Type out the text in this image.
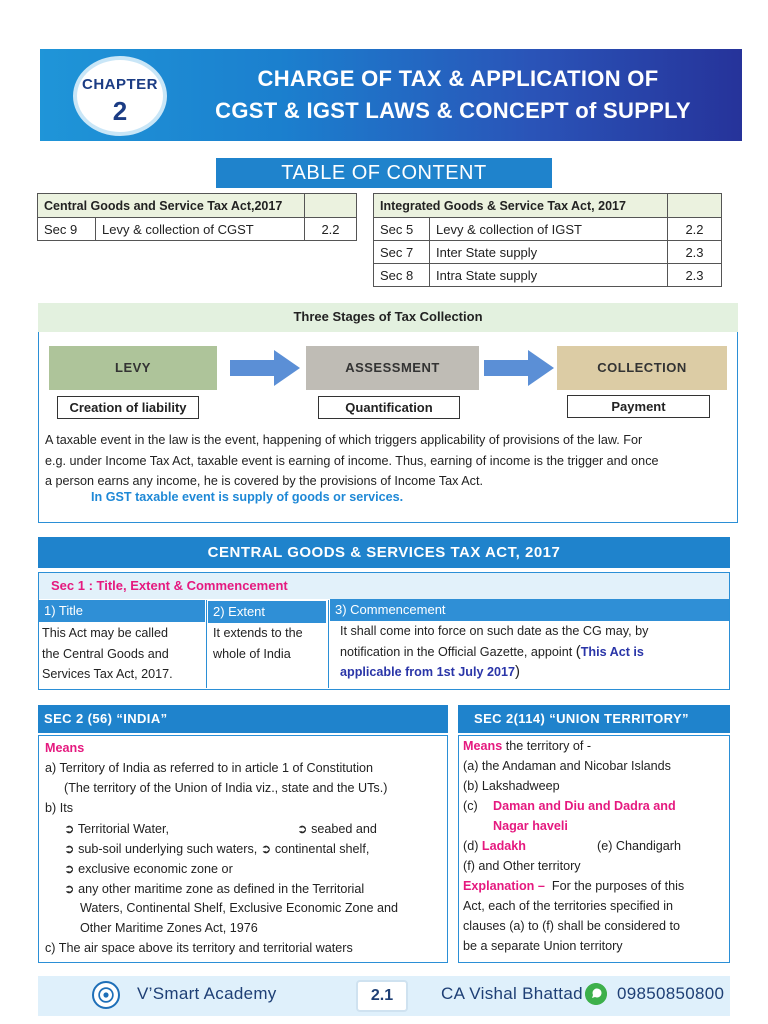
CHAPTER
2
CHARGE OF TAX & APPLICATION OF
CGST & IGST LAWS & CONCEPT of SUPPLY
TABLE OF CONTENT
Central Goods and Service Tax Act,2017		
Sec 9	Levy & collection of CGST	2.2
Integrated Goods & Service Tax Act, 2017		
Sec 5	Levy & collection of IGST	2.2
Sec 7	Inter State supply	2.3
Sec 8	Intra State supply	2.3
Three Stages of Tax Collection
LEVY	ASSESSMENT	COLLECTION
Creation of liability	Quantification	Payment
A taxable event in the law is the event, happening of which triggers applicability of provisions of the law. For
e.g. under Income Tax Act, taxable event is earning of income. Thus, earning of income is the trigger and once
a person earns any income, he is covered by the provisions of Income Tax Act.
In GST taxable event is supply of goods or services.
CENTRAL GOODS & SERVICES TAX ACT, 2017
Sec 1 : Title, Extent & Commencement
1) Title	2) Extent	3) Commencement
This Act may be called
the Central Goods and
Services Tax Act, 2017.
It extends to the
whole of India
It shall come into force on such date as the CG may, by
notification in the Official Gazette, appoint (This Act is
applicable from 1st July 2017)
SEC 2 (56) “INDIA”
Means
a) Territory of India as referred to in article 1 of Constitution
(The territory of the Union of India viz., state and the UTs.)
b) Its
➲ Territorial Water,	➲ seabed and
➲ sub-soil underlying such waters, ➲ continental shelf,
➲ exclusive economic zone or
➲ any other maritime zone as defined in the Territorial
Waters, Continental Shelf, Exclusive Economic Zone and
Other Maritime Zones Act, 1976
c) The air space above its territory and territorial waters
SEC 2(114) “UNION TERRITORY”
Means the territory of -
(a) the Andaman and Nicobar Islands
(b) Lakshadweep
(c) Daman and Diu and Dadra and
Nagar haveli
(d) Ladakh	(e) Chandigarh
(f) and Other territory
Explanation – For the purposes of this
Act, each of the territories specified in
clauses (a) to (f) shall be considered to
be a separate Union territory
V’Smart Academy	2.1	CA Vishal Bhattad 09850850800
